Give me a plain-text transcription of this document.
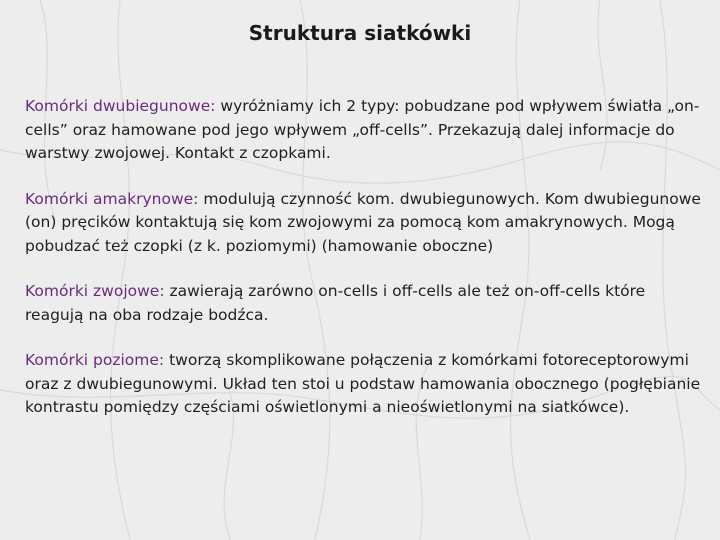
Struktura siatkówki

Komórki dwubiegunowe: wyróżniamy ich 2 typy: pobudzane pod wpływem światła „on-cells” oraz hamowane pod jego wpływem „off-cells”. Przekazują dalej informacje do warstwy zwojowej. Kontakt z czopkami.

Komórki amakrynowe: modulują czynność kom. dwubiegunowych. Kom dwubiegunowe (on) pręcików kontaktują się kom zwojowymi za pomocą kom amakrynowych. Mogą pobudzać też czopki (z k. poziomymi) (hamowanie oboczne)

Komórki zwojowe: zawierają zarówno on-cells i off-cells ale też on-off-cells które reagują na oba rodzaje bodźca.

Komórki poziome: tworzą skomplikowane połączenia z komórkami fotoreceptorowymi oraz z dwubiegunowymi. Układ ten stoi u podstaw hamowania obocznego (pogłębianie kontrastu pomiędzy częściami oświetlonymi a nieoświetlonymi na siatkówce).
